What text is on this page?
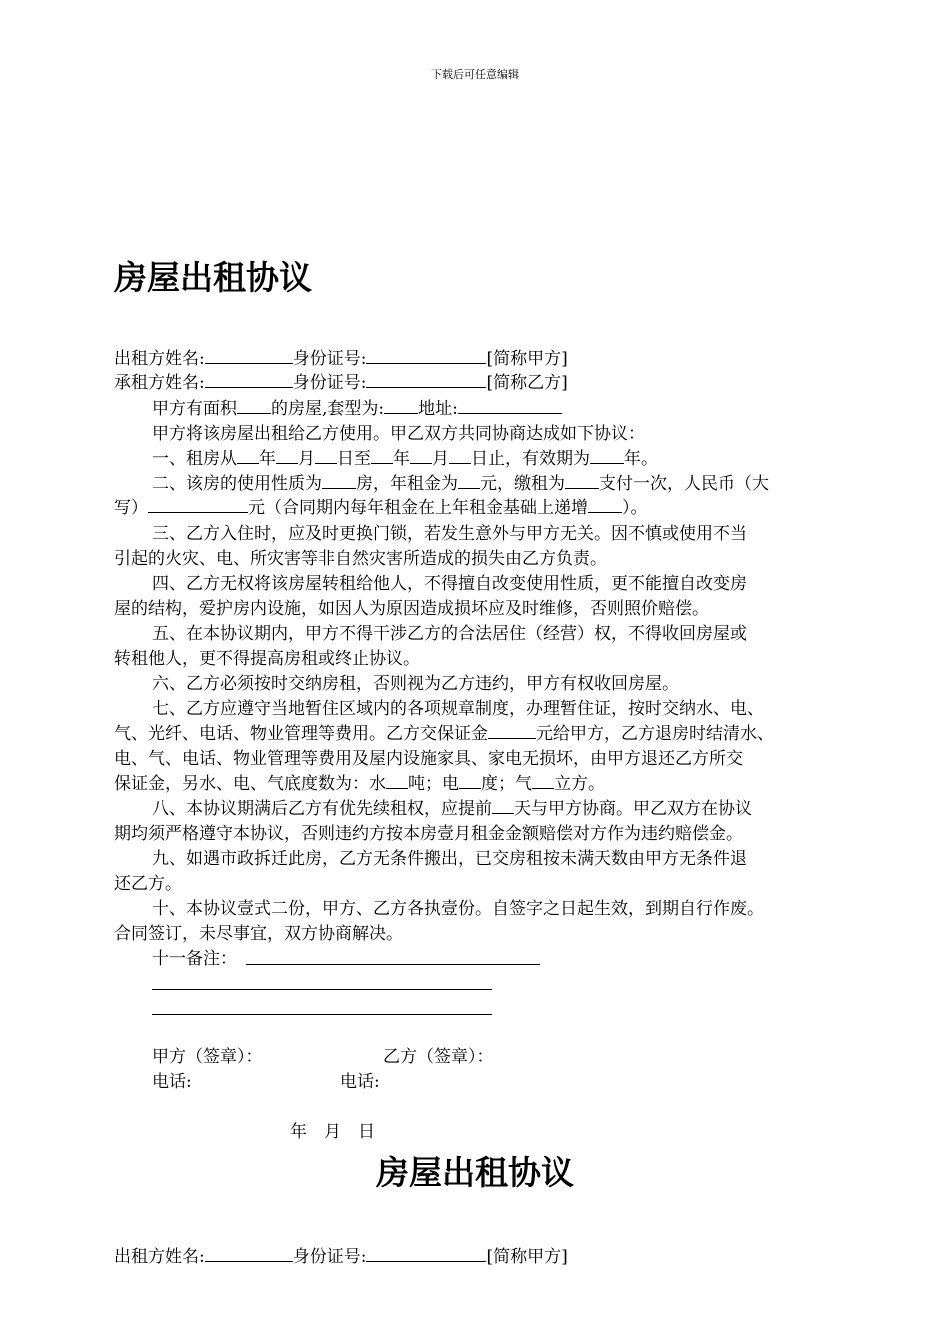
下载后可任意编辑
房屋出租协议
出租方姓名:	身份证号:	[简称甲方]
承租方姓名:	身份证号:	[简称乙方]
甲方有面积 的房屋,套型为: 地址:
甲方将该房屋出租给乙方使用。甲乙双方共同协商达成如下协议：
一、租房从 年 月 日至 年 月 日止，有效期为 年。
二、该房的使用性质为 房，年租金为 元，缴租为 支付一次，人民币（大
写）	元（合同期内每年租金在上年租金基础上递增 ）。
三、乙方入住时，应及时更换门锁，若发生意外与甲方无关。因不慎或使用不当
引起的火灾、电、所灾害等非自然灾害所造成的损失由乙方负责。
四、乙方无权将该房屋转租给他人，不得擅自改变使用性质，更不能擅自改变房
屋的结构，爱护房内设施，如因人为原因造成损坏应及时维修，否则照价赔偿。
五、在本协议期内，甲方不得干涉乙方的合法居住（经营）权，不得收回房屋或
转租他人，更不得提高房租或终止协议。
六、乙方必须按时交纳房租，否则视为乙方违约，甲方有权收回房屋。
七、乙方应遵守当地暂住区域内的各项规章制度，办理暂住证，按时交纳水、电、
气、光纤、电话、物业管理等费用。乙方交保证金	元给甲方，乙方退房时结清水、
电、气、电话、物业管理等费用及屋内设施家具、家电无损坏，由甲方退还乙方所交
保证金，另水、电、气底度数为：水 吨；电 度；气 立方。
八、本协议期满后乙方有优先续租权，应提前 天与甲方协商。甲乙双方在协议
期均须严格遵守本协议，否则违约方按本房壹月租金金额赔偿对方作为违约赔偿金。
九、如遇市政拆迁此房，乙方无条件搬出，已交房租按未满天数由甲方无条件退
还乙方。
十、本协议壹式二份，甲方、乙方各执壹份。自签字之日起生效，到期自行作废。
合同签订，未尽事宜，双方协商解决。
十一备注：
甲方（签章）：	乙方（签章）：
电话:	电话:
年　月　日
房屋出租协议
出租方姓名:	身份证号:	[简称甲方]
